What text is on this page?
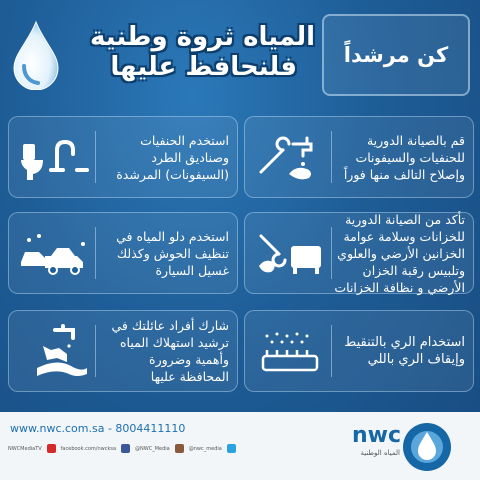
المياه ثروة وطنية
فلنحافظ عليها كن مرشداً
قم بالصيانة الدورية للحنفيات والسيفونات وإصلاح التالف منها فوراً
استخدم الحنفيات وصناديق الطرد (السيفونات) المرشدة
تأكد من الصيانة الدورية للخزانات وسلامة عوامة الخزانين الأرضي والعلوي وتلبيس رقبة الخزان الأرضي و نظافة الخزانات
استخدم دلو المياه في تنظيف الحوش وكذلك غسيل السيارة
استخدام الري بالتنقيط وإيقاف الري باللي
شارك أفراد عائلتك في ترشيد استهلاك المياه وأهمية وضرورة المحافظة عليها
www.nwc.com.sa - 8004411110
NWCMediaTV	facebook.com/nwcksa	@NWC_Media	@nwc_media
nwc
المياه الوطنية
